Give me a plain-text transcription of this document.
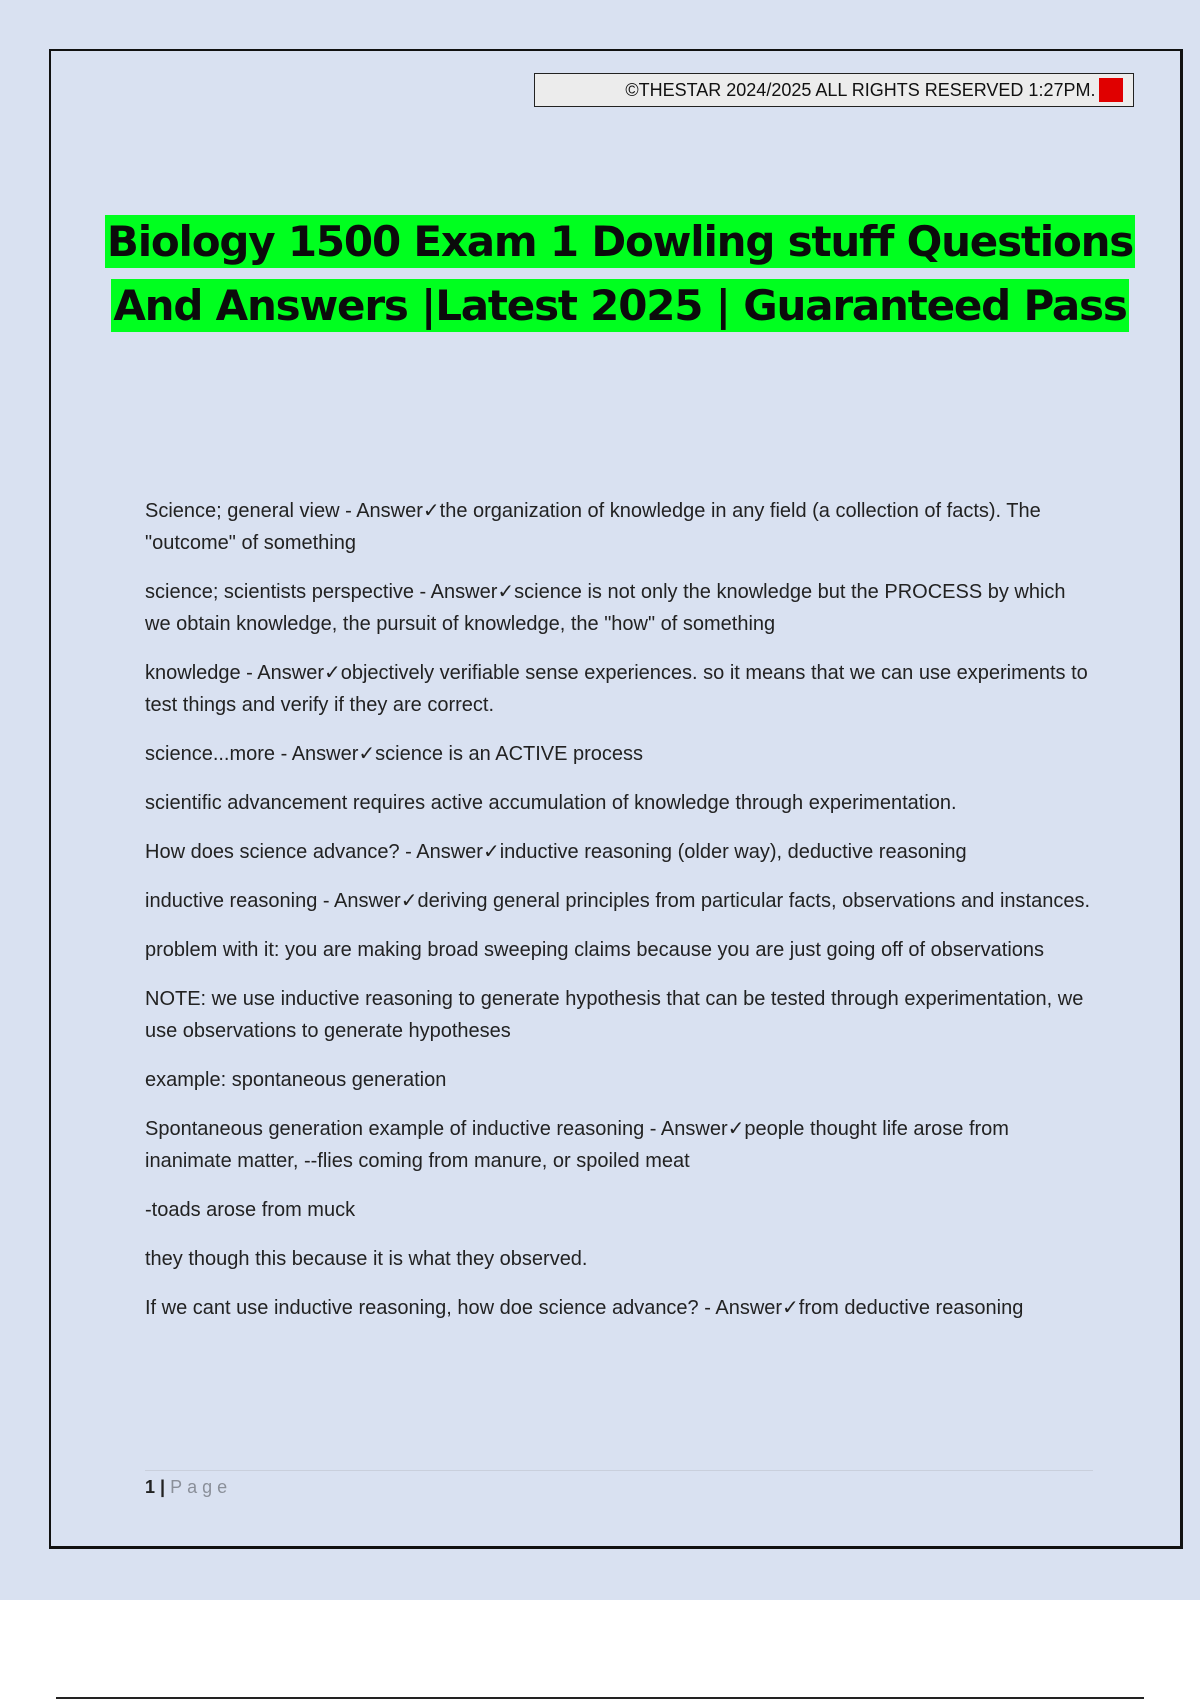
©THESTAR 2024/2025 ALL RIGHTS RESERVED 1:27PM. A+
Biology 1500 Exam 1 Dowling stuff Questions
And Answers |Latest 2025 | Guaranteed Pass

Science; general view - Answer✓the organization of knowledge in any field (a collection of facts). The "outcome" of something

science; scientists perspective - Answer✓science is not only the knowledge but the PROCESS by which we obtain knowledge, the pursuit of knowledge, the "how" of something

knowledge - Answer✓objectively verifiable sense experiences. so it means that we can use experiments to test things and verify if they are correct.

science...more - Answer✓science is an ACTIVE process

scientific advancement requires active accumulation of knowledge through experimentation.

How does science advance? - Answer✓inductive reasoning (older way), deductive reasoning

inductive reasoning - Answer✓deriving general principles from particular facts, observations and instances.

problem with it: you are making broad sweeping claims because you are just going off of observations

NOTE: we use inductive reasoning to generate hypothesis that can be tested through experimentation, we use observations to generate hypotheses

example: spontaneous generation

Spontaneous generation example of inductive reasoning - Answer✓people thought life arose from inanimate matter, --flies coming from manure, or spoiled meat

-toads arose from muck

they though this because it is what they observed.

If we cant use inductive reasoning, how doe science advance? - Answer✓from deductive reasoning

1 | Page
